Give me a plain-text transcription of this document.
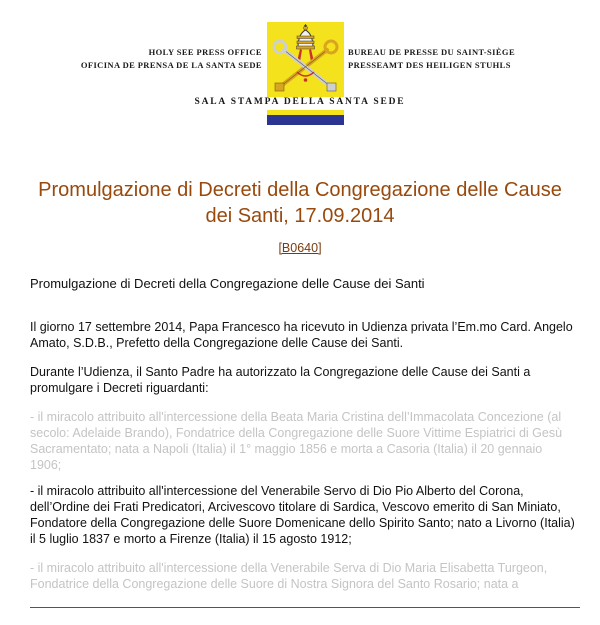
HOLY SEE PRESS OFFICE
OFICINA DE PRENSA DE LA SANTA SEDE
BUREAU DE PRESSE DU SAINT-SIÈGE
PRESSEAMT DES HEILIGEN STUHLS
SALA STAMPA DELLA SANTA SEDE
Promulgazione di Decreti della Congregazione delle Cause dei Santi, 17.09.2014
[B0640]
Promulgazione di Decreti della Congregazione delle Cause dei Santi
Il giorno 17 settembre 2014, Papa Francesco ha ricevuto in Udienza privata l’Em.mo Card. Angelo Amato, S.D.B., Prefetto della Congregazione delle Cause dei Santi.
Durante l’Udienza, il Santo Padre ha autorizzato la Congregazione delle Cause dei Santi a promulgare i Decreti riguardanti:
- il miracolo attribuito all'intercessione della Beata Maria Cristina dell’Immacolata Concezione (al secolo: Adelaide Brando), Fondatrice della Congregazione delle Suore Vittime Espiatrici di Gesù Sacramentato; nata a Napoli (Italia) il 1° maggio 1856 e morta a Casoria (Italia) il 20 gennaio 1906;
- il miracolo attribuito all'intercessione del Venerabile Servo di Dio Pio Alberto del Corona, dell’Ordine dei Frati Predicatori, Arcivescovo titolare di Sardica, Vescovo emerito di San Miniato, Fondatore della Congregazione delle Suore Domenicane dello Spirito Santo; nato a Livorno (Italia) il 5 luglio 1837 e morto a Firenze (Italia) il 15 agosto 1912;
- il miracolo attribuito all'intercessione della Venerabile Serva di Dio Maria Elisabetta Turgeon, Fondatrice della Congregazione delle Suore di Nostra Signora del Santo Rosario; nata a
